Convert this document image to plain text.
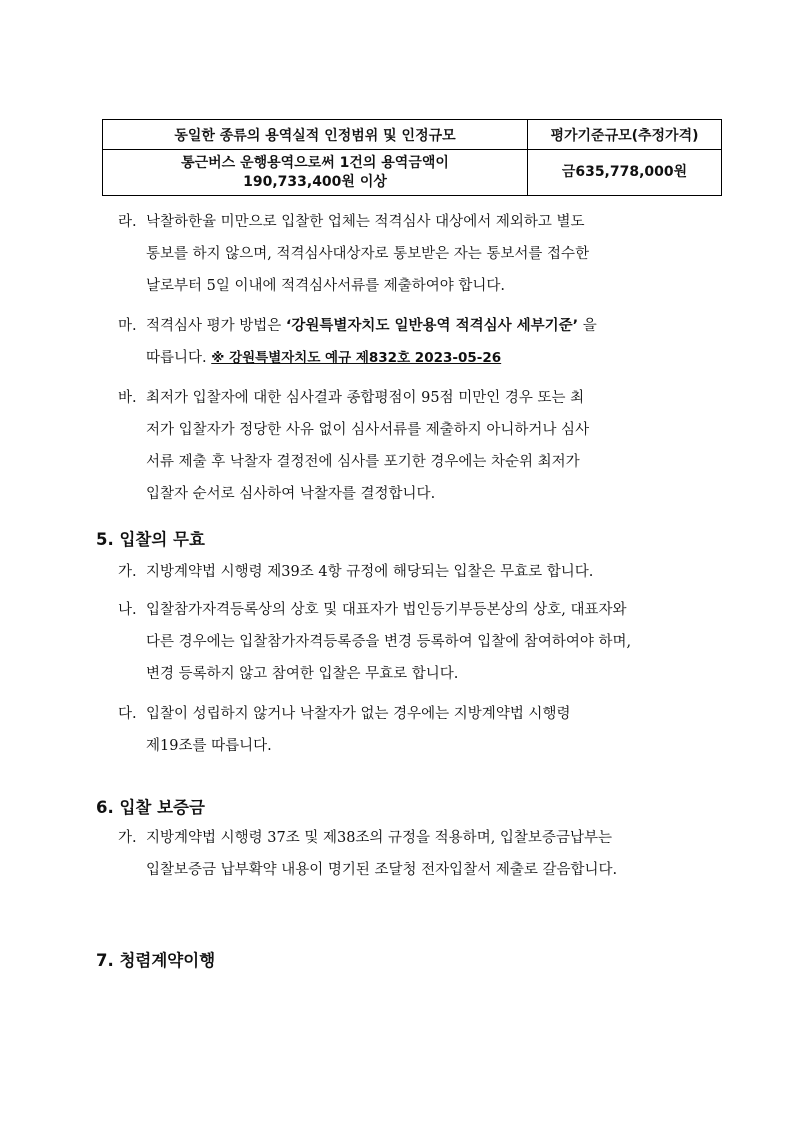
동일한 종류의 용역실적 인정범위 및 인정규모	평가기준규모(추정가격)

통근버스 운행용역으로써 1건의 용역금액이
190,733,400원 이상	금635,778,000원
라. 낙찰하한율 미만으로 입찰한 업체는 적격심사 대상에서 제외하고 별도
통보를 하지 않으며, 적격심사대상자로 통보받은 자는 통보서를 접수한
날로부터 5일 이내에 적격심사서류를 제출하여야 합니다.
마. 적격심사 평가 방법은 ‘강원특별자치도 일반용역 적격심사 세부기준’ 을
따릅니다. ※ 강원특별자치도 예규 제832호 2023-05-26
바. 최저가 입찰자에 대한 심사결과 종합평점이 95점 미만인 경우 또는 최
저가 입찰자가 정당한 사유 없이 심사서류를 제출하지 아니하거나 심사
서류 제출 후 낙찰자 결정전에 심사를 포기한 경우에는 차순위 최저가
입찰자 순서로 심사하여 낙찰자를 결정합니다.
5. 입찰의 무효
가. 지방계약법 시행령 제39조 4항 규정에 해당되는 입찰은 무효로 합니다.
나. 입찰참가자격등록상의 상호 및 대표자가 법인등기부등본상의 상호, 대표자와
다른 경우에는 입찰참가자격등록증을 변경 등록하여 입찰에 참여하여야 하며,
변경 등록하지 않고 참여한 입찰은 무효로 합니다.
다. 입찰이 성립하지 않거나 낙찰자가 없는 경우에는 지방계약법 시행령
제19조를 따릅니다.
6. 입찰 보증금
가. 지방계약법 시행령 37조 및 제38조의 규정을 적용하며, 입찰보증금납부는
입찰보증금 납부확약 내용이 명기된 조달청 전자입찰서 제출로 갈음합니다.
7. 청렴계약이행
